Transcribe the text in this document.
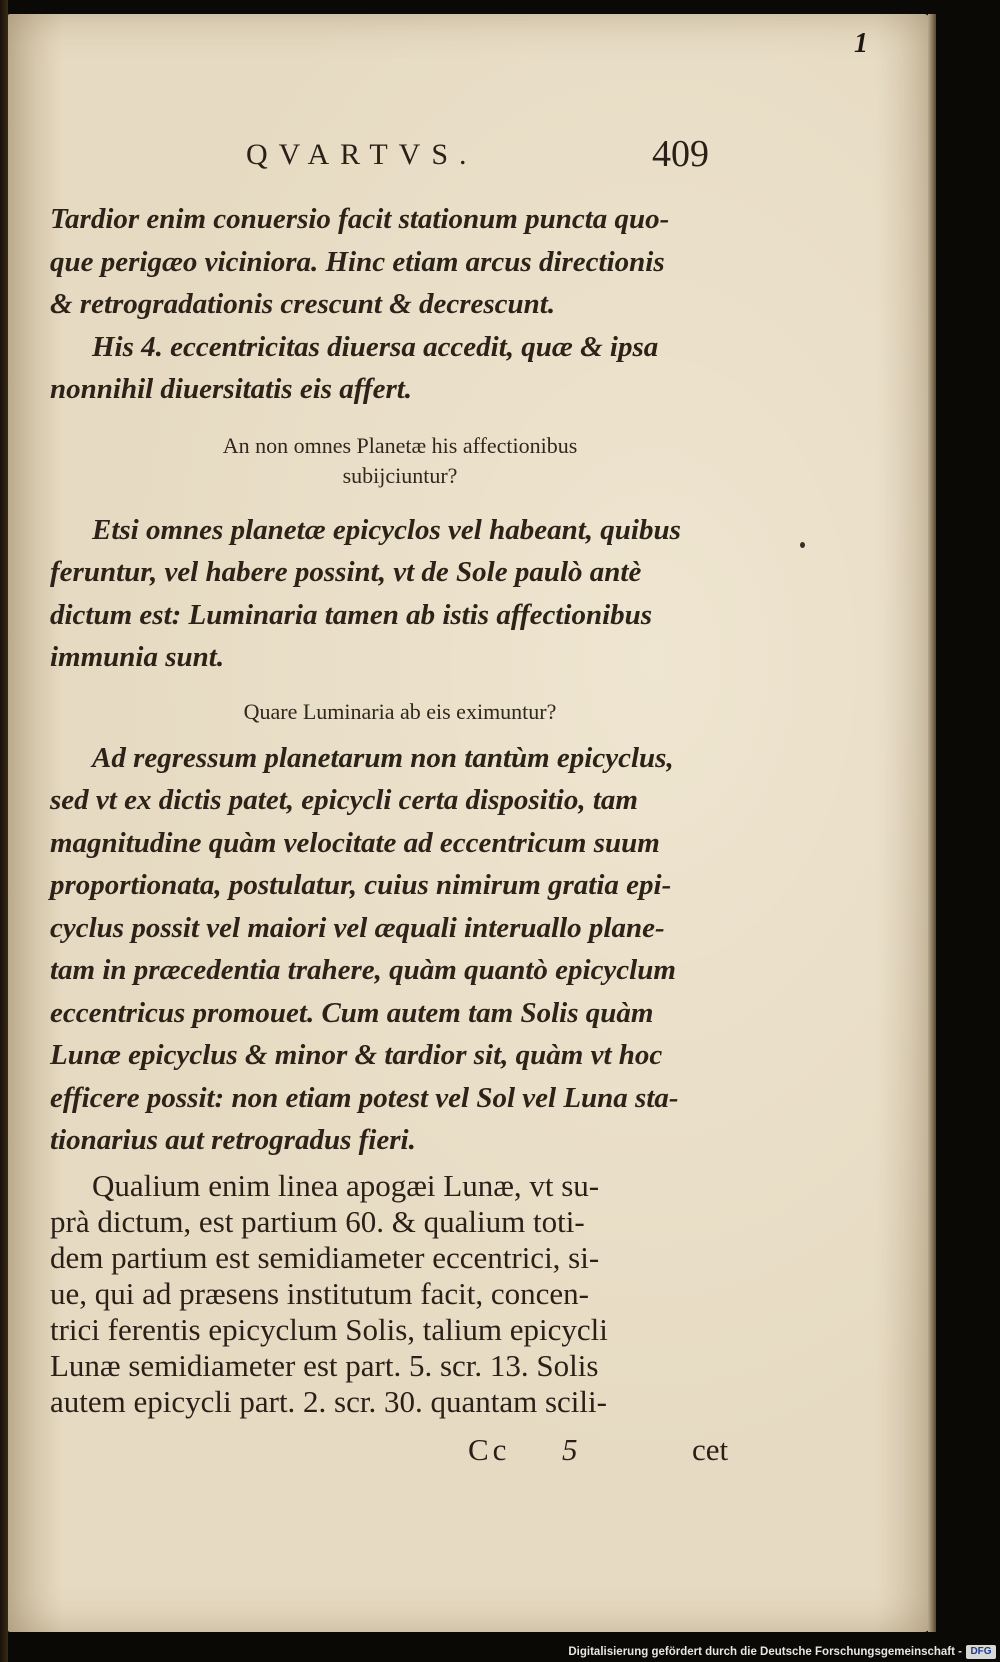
1
QVARTVS.	409

Tardior enim conuersio facit stationum puncta quo-

que perigæo viciniora. Hinc etiam arcus directionis

& retrogradationis crescunt & decrescunt.

His 4. eccentricitas diuersa accedit, quæ & ipsa

nonnihil diuersitatis eis affert.

An non omnes Planetæ his affectionibus

subijciuntur?

Etsi omnes planetæ epicyclos vel habeant, quibus

feruntur, vel habere possint, vt de Sole paulò antè

dictum est: Luminaria tamen ab istis affectionibus

immunia sunt.

Quare Luminaria ab eis eximuntur?

Ad regressum planetarum non tantùm epicyclus,

sed vt ex dictis patet, epicycli certa dispositio, tam

magnitudine quàm velocitate ad eccentricum suum

proportionata, postulatur, cuius nimirum gratia epi-

cyclus possit vel maiori vel æquali interuallo plane-

tam in præcedentia trahere, quàm quantò epicyclum

eccentricus promouet. Cum autem tam Solis quàm

Lunæ epicyclus & minor & tardior sit, quàm vt hoc

efficere possit: non etiam potest vel Sol vel Luna sta-

tionarius aut retrogradus fieri.

Qualium enim linea apogæi Lunæ, vt su-

prà dictum, est partium 60. & qualium toti-

dem partium est semidiameter eccentrici, si-

ue, qui ad præsens institutum facit, concen-

trici ferentis epicyclum Solis, talium epicycli

Lunæ semidiameter est part. 5. scr. 13. Solis

autem epicycli part. 2. scr. 30. quantam scili-

Cc 5	cet
Digitalisierung gefördert durch die Deutsche Forschungsgemeinschaft - DFG
